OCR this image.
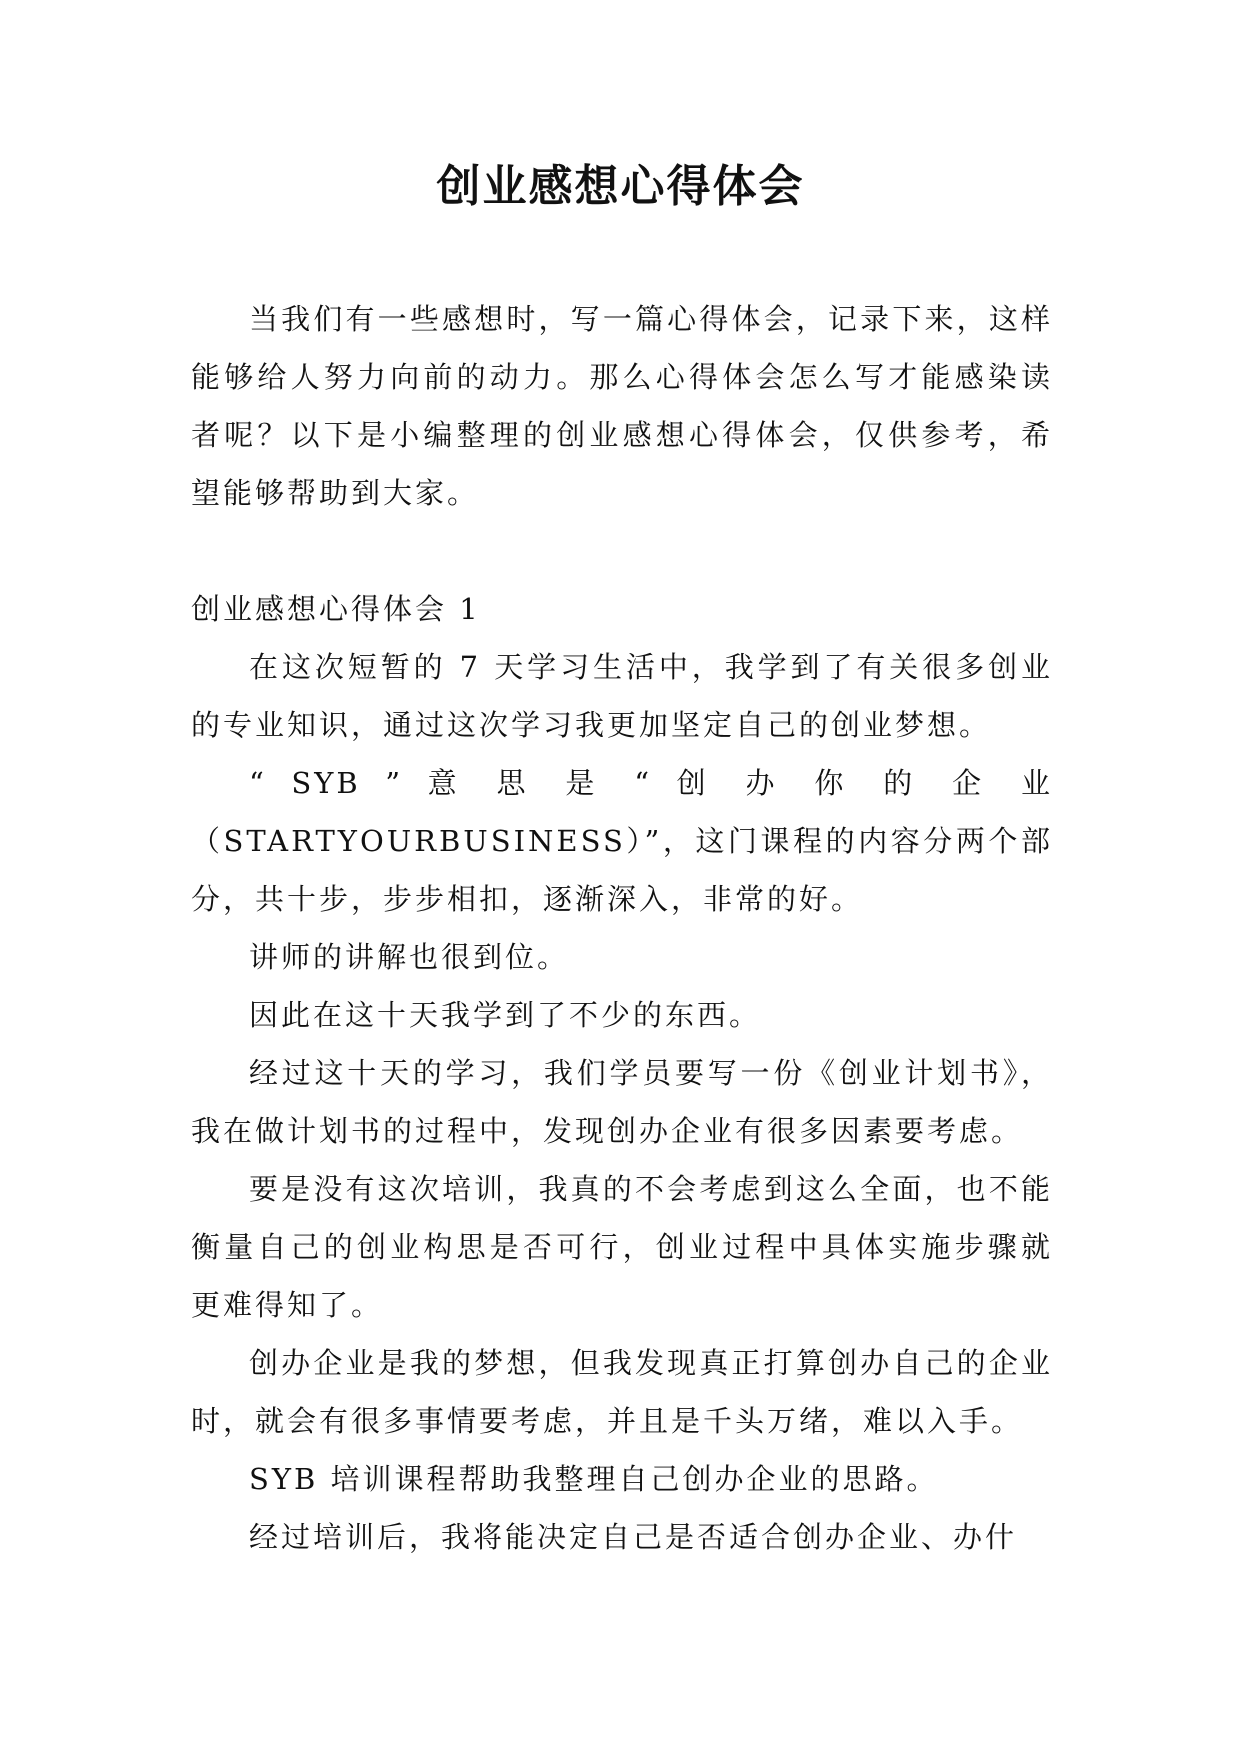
创业感想心得体会

当我们有一些感想时，写一篇心得体会，记录下来，这样能够给人努力向前的动力。那么心得体会怎么写才能感染读者呢？以下是小编整理的创业感想心得体会，仅供参考，希望能够帮助到大家。

创业感想心得体会 1

在这次短暂的 7 天学习生活中，我学到了有关很多创业的专业知识，通过这次学习我更加坚定自己的创业梦想。

“ SYB ” 意 思 是 “ 创 办 你 的 企 业（STARTYOURBUSINESS）”，这门课程的内容分两个部分，共十步，步步相扣，逐渐深入，非常的好。

讲师的讲解也很到位。

因此在这十天我学到了不少的东西。

经过这十天的学习，我们学员要写一份《创业计划书》，我在做计划书的过程中，发现创办企业有很多因素要考虑。

要是没有这次培训，我真的不会考虑到这么全面，也不能衡量自己的创业构思是否可行，创业过程中具体实施步骤就更难得知了。

创办企业是我的梦想，但我发现真正打算创办自己的企业时，就会有很多事情要考虑，并且是千头万绪，难以入手。

SYB 培训课程帮助我整理自己创办企业的思路。

经过培训后，我将能决定自己是否适合创办企业、办什
